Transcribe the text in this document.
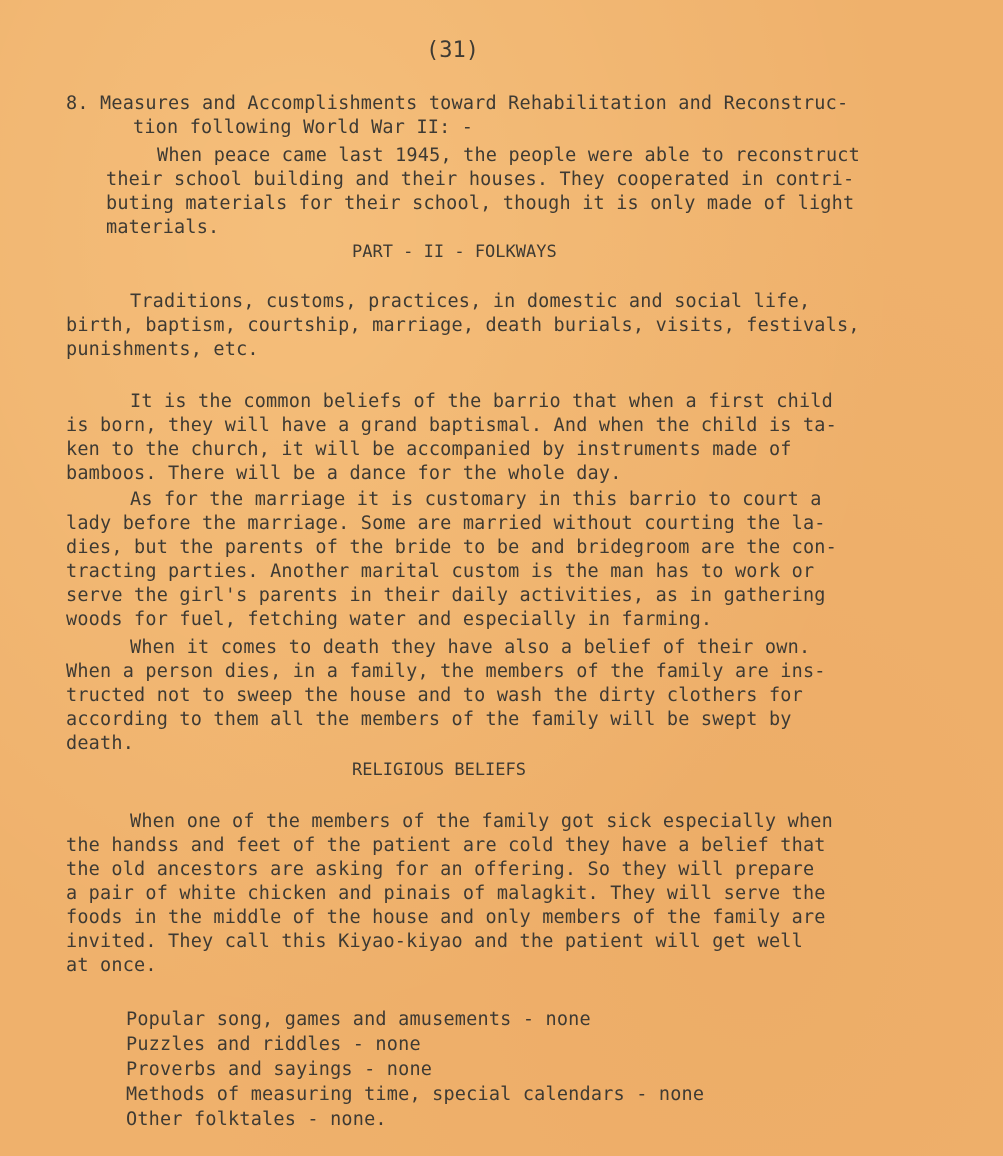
(31)
8. Measures and Accomplishments toward Rehabilitation and Reconstruc-
tion following World War II: -
When peace came last 1945, the people were able to reconstruct
their school building and their houses. They cooperated in contri-
buting materials for their school, though it is only made of light
materials.
PART - II - FOLKWAYS
Traditions, customs, practices, in domestic and social life,
birth, baptism, courtship, marriage, death burials, visits, festivals,
punishments, etc.
It is the common beliefs of the barrio that when a first child
is born, they will have a grand baptismal. And when the child is ta-
ken to the church, it will be accompanied by instruments made of
bamboos. There will be a dance for the whole day.
As for the marriage it is customary in this barrio to court a
lady before the marriage. Some are married without courting the la-
dies, but the parents of the bride to be and bridegroom are the con-
tracting parties. Another marital custom is the man has to work or
serve the girl's parents in their daily activities, as in gathering
woods for fuel, fetching water and especially in farming.
When it comes to death they have also a belief of their own.
When a person dies, in a family, the members of the family are ins-
tructed not to sweep the house and to wash the dirty clothers for
according to them all the members of the family will be swept by
death.
RELIGIOUS BELIEFS
When one of the members of the family got sick especially when
the handss and feet of the patient are cold they have a belief that
the old ancestors are asking for an offering. So they will prepare
a pair of white chicken and pinais of malagkit. They will serve the
foods in the middle of the house and only members of the family are
invited. They call this Kiyao-kiyao and the patient will get well
at once.
Popular song, games and amusements - none
Puzzles and riddles - none
Proverbs and sayings - none
Methods of measuring time, special calendars - none
Other folktales - none.
